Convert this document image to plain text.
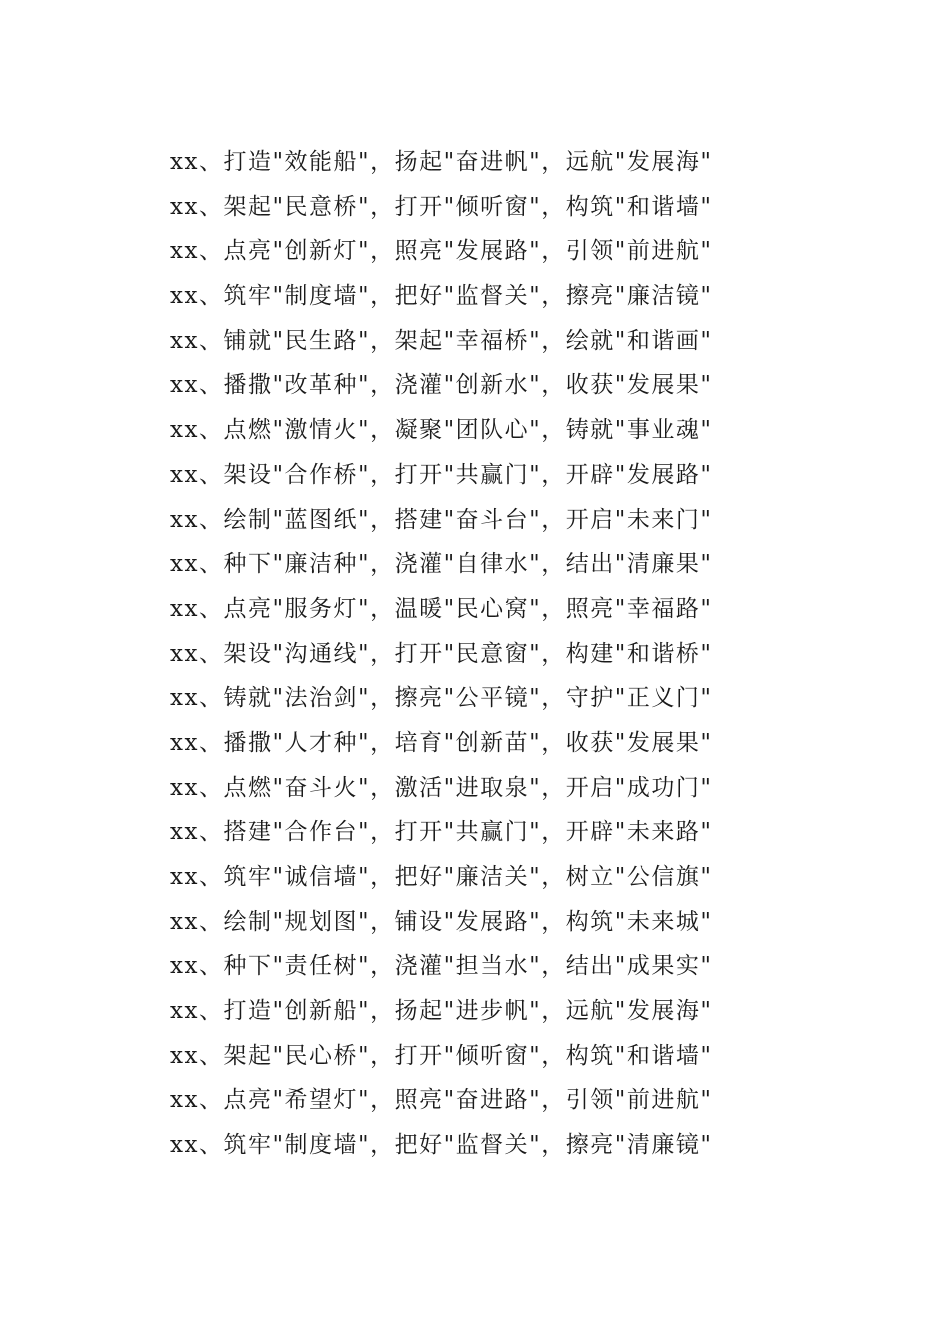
xx、打造"效能船"，扬起"奋进帆"，远航"发展海"
xx、架起"民意桥"，打开"倾听窗"，构筑"和谐墙"
xx、点亮"创新灯"，照亮"发展路"，引领"前进航"
xx、筑牢"制度墙"，把好"监督关"，擦亮"廉洁镜"
xx、铺就"民生路"，架起"幸福桥"，绘就"和谐画"
xx、播撒"改革种"，浇灌"创新水"，收获"发展果"
xx、点燃"激情火"，凝聚"团队心"，铸就"事业魂"
xx、架设"合作桥"，打开"共赢门"，开辟"发展路"
xx、绘制"蓝图纸"，搭建"奋斗台"，开启"未来门"
xx、种下"廉洁种"，浇灌"自律水"，结出"清廉果"
xx、点亮"服务灯"，温暖"民心窝"，照亮"幸福路"
xx、架设"沟通线"，打开"民意窗"，构建"和谐桥"
xx、铸就"法治剑"，擦亮"公平镜"，守护"正义门"
xx、播撒"人才种"，培育"创新苗"，收获"发展果"
xx、点燃"奋斗火"，激活"进取泉"，开启"成功门"
xx、搭建"合作台"，打开"共赢门"，开辟"未来路"
xx、筑牢"诚信墙"，把好"廉洁关"，树立"公信旗"
xx、绘制"规划图"，铺设"发展路"，构筑"未来城"
xx、种下"责任树"，浇灌"担当水"，结出"成果实"
xx、打造"创新船"，扬起"进步帆"，远航"发展海"
xx、架起"民心桥"，打开"倾听窗"，构筑"和谐墙"
xx、点亮"希望灯"，照亮"奋进路"，引领"前进航"
xx、筑牢"制度墙"，把好"监督关"，擦亮"清廉镜"
